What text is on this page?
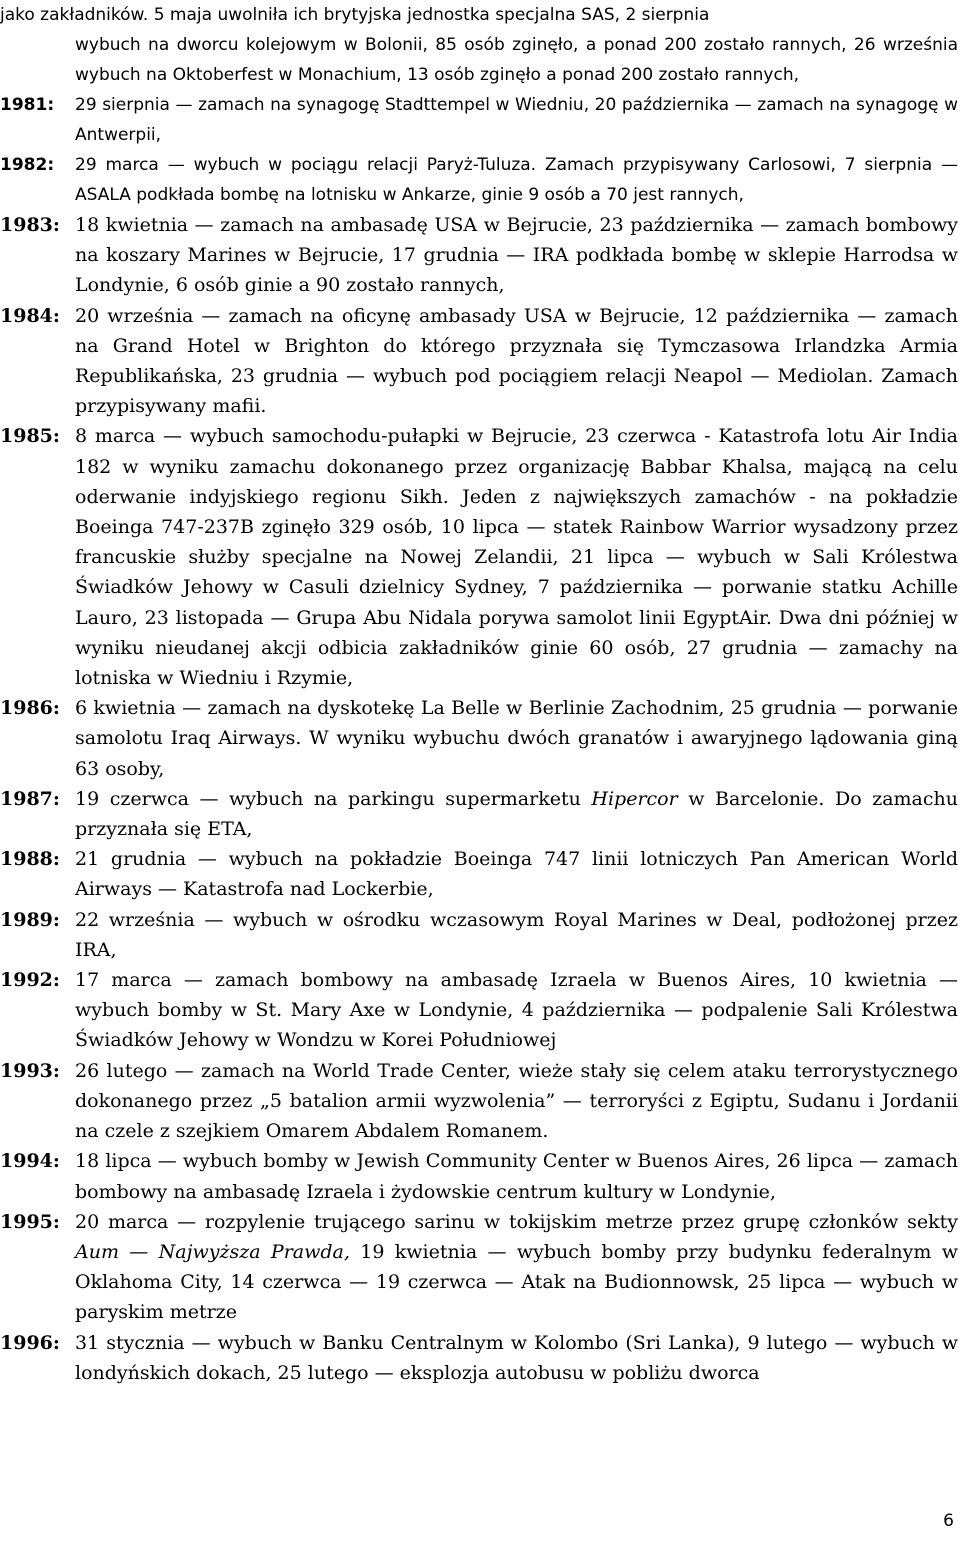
jako zakładników. 5 maja uwolniła ich brytyjska jednostka specjalna SAS, 2 sierpnia
wybuch na dworcu kolejowym w Bolonii, 85 osób zginęło, a ponad 200 zostało rannych, 26 września wybuch na Oktoberfest w Monachium, 13 osób zginęło a ponad 200 zostało rannych,
1981:	29 sierpnia — zamach na synagogę Stadttempel w Wiedniu, 20 października — zamach na synagogę w Antwerpii,
1982:	29 marca — wybuch w pociągu relacji Paryż-Tuluza. Zamach przypisywany Carlosowi, 7 sierpnia — ASALA podkłada bombę na lotnisku w Ankarze, ginie 9 osób a 70 jest rannych,
1983: 18 kwietnia — zamach na ambasadę USA w Bejrucie, 23 października — zamach bombowy na koszary Marines w Bejrucie, 17 grudnia — IRA podkłada bombę w sklepie Harrodsa w Londynie, 6 osób ginie a 90 zostało rannych,
1984: 20 września — zamach na oficynę ambasady USA w Bejrucie, 12 października — zamach na Grand Hotel w Brighton do którego przyznała się Tymczasowa Irlandzka Armia Republikańska, 23 grudnia — wybuch pod pociągiem relacji Neapol — Mediolan. Zamach przypisywany mafii.
1985: 8 marca — wybuch samochodu-pułapki w Bejrucie, 23 czerwca - Katastrofa lotu Air India 182 w wyniku zamachu dokonanego przez organizację Babbar Khalsa, mającą na celu oderwanie indyjskiego regionu Sikh. Jeden z największych zamachów - na pokładzie Boeinga 747-237B zginęło 329 osób, 10 lipca — statek Rainbow Warrior wysadzony przez francuskie służby specjalne na Nowej Zelandii, 21 lipca — wybuch w Sali Królestwa Świadków Jehowy w Casuli dzielnicy Sydney, 7 października — porwanie statku Achille Lauro, 23 listopada — Grupa Abu Nidala porywa samolot linii EgyptAir. Dwa dni później w wyniku nieudanej akcji odbicia zakładników ginie 60 osób, 27 grudnia — zamachy na lotniska w Wiedniu i Rzymie,
1986: 6 kwietnia — zamach na dyskotekę La Belle w Berlinie Zachodnim, 25 grudnia — porwanie samolotu Iraq Airways. W wyniku wybuchu dwóch granatów i awaryjnego lądowania giną 63 osoby,
1987: 19 czerwca — wybuch na parkingu supermarketu Hipercor w Barcelonie. Do zamachu przyznała się ETA,
1988: 21 grudnia — wybuch na pokładzie Boeinga 747 linii lotniczych Pan American World Airways — Katastrofa nad Lockerbie,
1989: 22 września — wybuch w ośrodku wczasowym Royal Marines w Deal, podłożonej przez IRA,
1992: 17 marca — zamach bombowy na ambasadę Izraela w Buenos Aires, 10 kwietnia — wybuch bomby w St. Mary Axe w Londynie, 4 października — podpalenie Sali Królestwa Świadków Jehowy w Wondzu w Korei Południowej
1993: 26 lutego — zamach na World Trade Center, wieże stały się celem ataku terrorystycznego dokonanego przez „5 batalion armii wyzwolenia” — terroryści z Egiptu, Sudanu i Jordanii na czele z szejkiem Omarem Abdalem Romanem.
1994: 18 lipca — wybuch bomby w Jewish Community Center w Buenos Aires, 26 lipca — zamach bombowy na ambasadę Izraela i żydowskie centrum kultury w Londynie,
1995: 20 marca — rozpylenie trującego sarinu w tokijskim metrze przez grupę członków sekty Aum — Najwyższa Prawda, 19 kwietnia — wybuch bomby przy budynku federalnym w Oklahoma City, 14 czerwca — 19 czerwca — Atak na Budionnowsk, 25 lipca — wybuch w paryskim metrze
1996: 31 stycznia — wybuch w Banku Centralnym w Kolombo (Sri Lanka), 9 lutego — wybuch w londyńskich dokach, 25 lutego — eksplozja autobusu w pobliżu dworca
6
